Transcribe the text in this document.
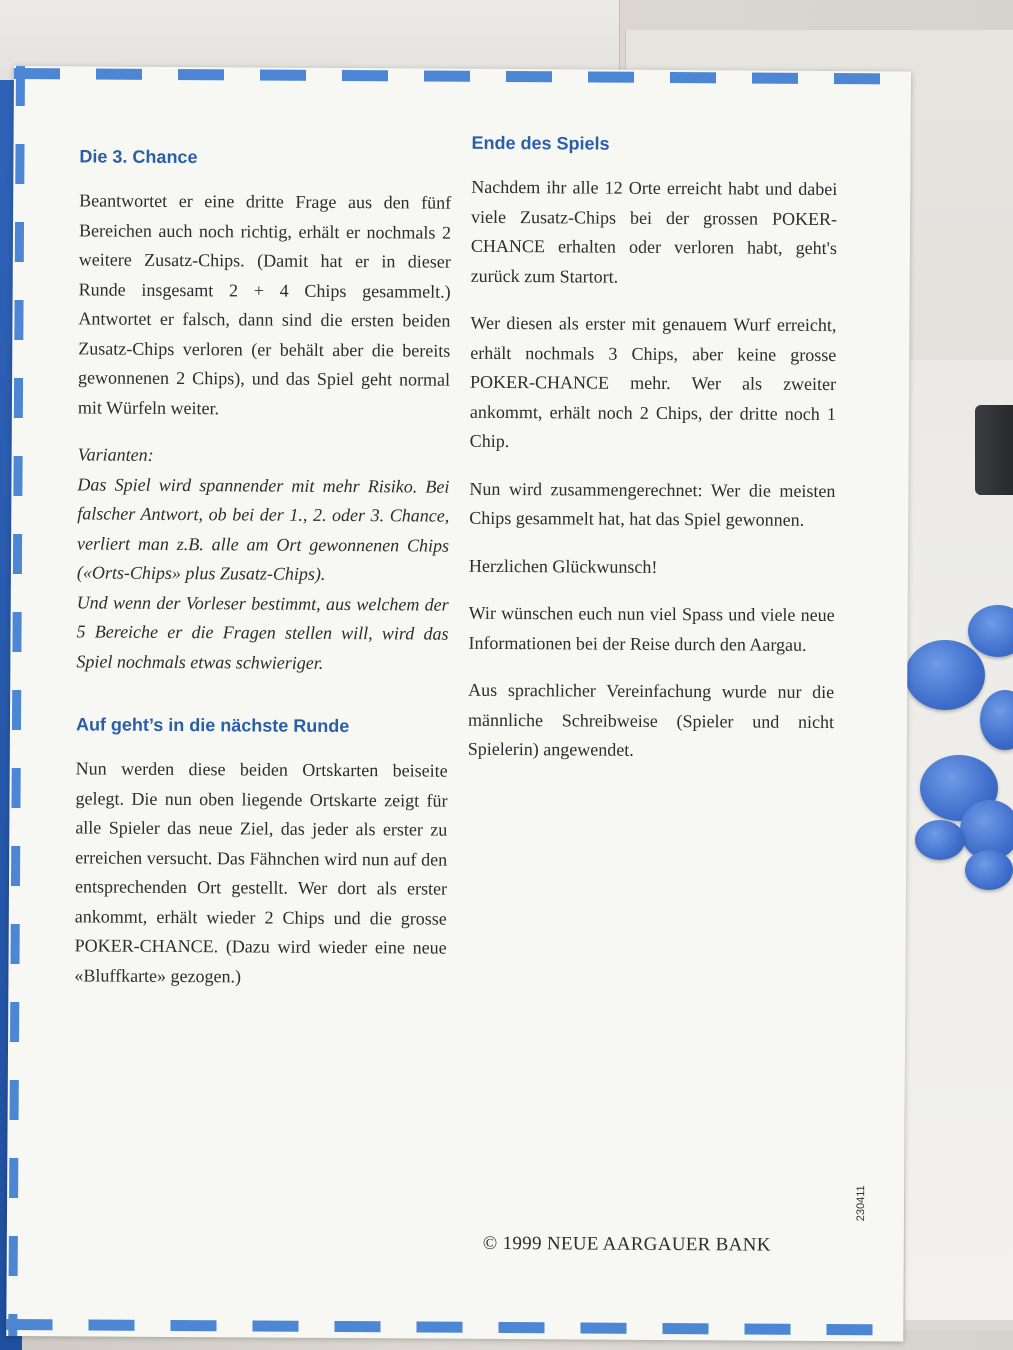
Die 3. Chance

Beantwortet er eine dritte Frage aus den fünf Bereichen auch noch richtig, erhält er nochmals 2 weitere Zusatz-Chips. (Damit hat er in dieser Runde insgesamt 2 + 4 Chips gesammelt.) Antwortet er falsch, dann sind die ersten beiden Zusatz-Chips verloren (er behält aber die bereits gewonnenen 2 Chips), und das Spiel geht normal mit Würfeln weiter.

Varianten:

Das Spiel wird spannender mit mehr Risiko. Bei falscher Antwort, ob bei der 1., 2. oder 3. Chance, verliert man z.B. alle am Ort gewonnenen Chips («Orts-Chips» plus Zusatz-Chips).

Und wenn der Vorleser bestimmt, aus welchem der 5 Bereiche er die Fragen stellen will, wird das Spiel nochmals etwas schwieriger.

Auf geht’s in die nächste Runde

Nun werden diese beiden Ortskarten beiseite gelegt. Die nun oben liegende Ortskarte zeigt für alle Spieler das neue Ziel, das jeder als erster zu erreichen versucht. Das Fähnchen wird nun auf den entsprechenden Ort gestellt. Wer dort als erster ankommt, erhält wieder 2 Chips und die grosse POKER-CHANCE. (Dazu wird wieder eine neue «Bluffkarte» gezogen.)

Ende des Spiels

Nachdem ihr alle 12 Orte erreicht habt und dabei viele Zusatz-Chips bei der grossen POKER-CHANCE erhalten oder verloren habt, geht's zurück zum Startort.

Wer diesen als erster mit genauem Wurf erreicht, erhält nochmals 3 Chips, aber keine grosse POKER-CHANCE mehr. Wer als zweiter ankommt, erhält noch 2 Chips, der dritte noch 1 Chip.

Nun wird zusammengerechnet: Wer die meisten Chips gesammelt hat, hat das Spiel gewonnen.

Herzlichen Glückwunsch!

Wir wünschen euch nun viel Spass und viele neue Informationen bei der Reise durch den Aargau.

Aus sprachlicher Vereinfachung wurde nur die männliche Schreibweise (Spieler und nicht Spielerin) angewendet.

© 1999 NEUE AARGAUER BANK
230411
